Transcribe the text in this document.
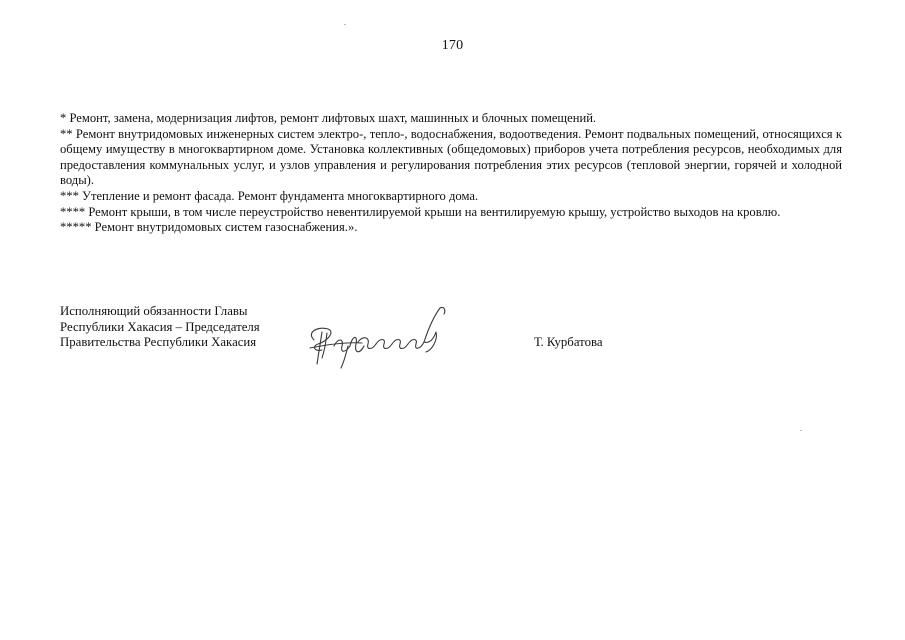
170

* Ремонт, замена, модернизация лифтов, ремонт лифтовых шахт, машинных и блочных помещений.

** Ремонт внутридомовых инженерных систем электро-, тепло-, водоснабжения, водоотведения. Ремонт подвальных помещений, относящихся к общему имуществу в многоквартирном доме. Установка коллективных (общедомовых) приборов учета потребления ресурсов, необходимых для предоставления коммунальных услуг, и узлов управления и регулирования потребления этих ресурсов (тепловой энергии, горячей и холодной воды).

*** Утепление и ремонт фасада. Ремонт фундамента многоквартирного дома.

**** Ремонт крыши, в том числе переустройство невентилируемой крыши на вентилируемую крышу, устройство выходов на кровлю.

***** Ремонт внутридомовых систем газоснабжения.».

Исполняющий обязанности Главы
Республики Хакасия – Председателя
Правительства Республики Хакасия	Т. Курбатова
